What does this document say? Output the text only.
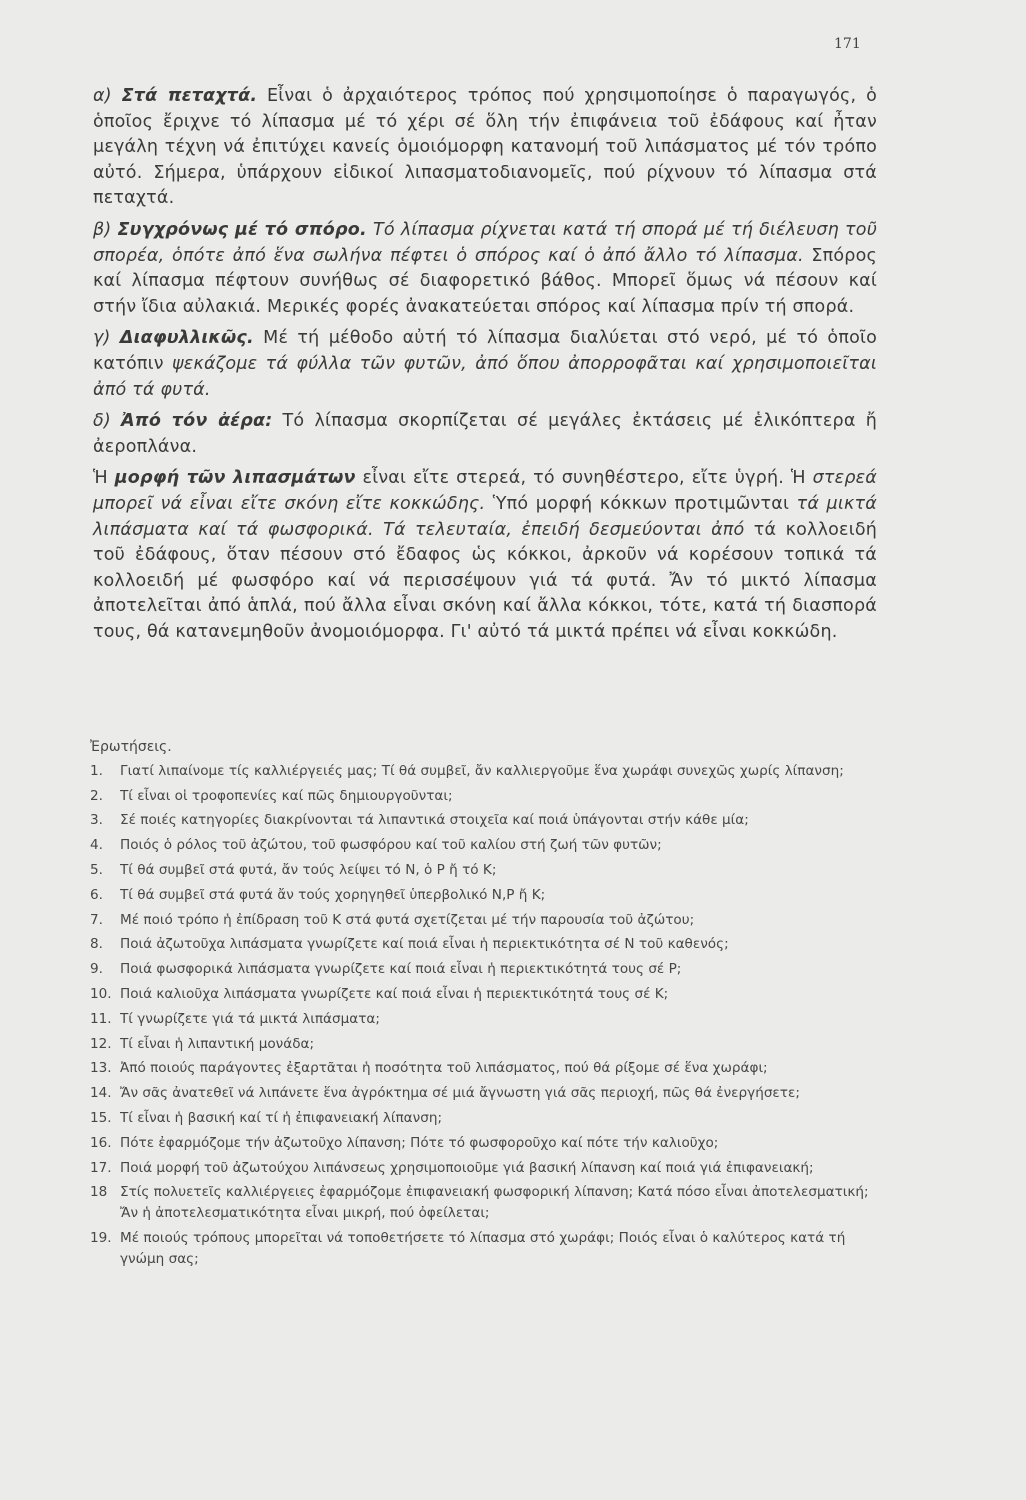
171

α) Στά πεταχτά. Εἶναι ὁ ἀρχαιότερος τρόπος πού χρησιμοποίησε ὁ παραγωγός, ὁ ὁποῖος ἔριχνε τό λίπασμα μέ τό χέρι σέ ὅλη τήν ἐπιφάνεια τοῦ ἐδάφους καί ἦταν μεγάλη τέχνη νά ἐπιτύχει κανείς ὁμοιόμορφη κατανομή τοῦ λιπάσματος μέ τόν τρόπο αὐτό. Σήμερα, ὑπάρχουν εἰδικοί λιπασματοδιανομεῖς, πού ρίχνουν τό λίπασμα στά πεταχτά.

β) Συγχρόνως μέ τό σπόρο. Τό λίπασμα ρίχνεται κατά τή σπορά μέ τή διέλευση τοῦ σπορέα, ὁπότε ἀπό ἕνα σωλήνα πέφτει ὁ σπόρος καί ὁ ἀπό ἄλλο τό λίπασμα. Σπόρος καί λίπασμα πέφτουν συνήθως σέ διαφορετικό βάθος. Μπορεῖ ὅμως νά πέσουν καί στήν ἴδια αὐλακιά. Μερικές φορές ἀνακατεύεται σπόρος καί λίπασμα πρίν τή σπορά.

γ) Διαφυλλικῶς. Μέ τή μέθοδο αὐτή τό λίπασμα διαλύεται στό νερό, μέ τό ὁποῖο κατόπιν ψεκάζομε τά φύλλα τῶν φυτῶν, ἀπό ὅπου ἀπορροφᾶται καί χρησιμοποιεῖται ἀπό τά φυτά.

δ) Ἀπό τόν ἀέρα: Τό λίπασμα σκορπίζεται σέ μεγάλες ἐκτάσεις μέ ἑλικόπτερα ἤ ἀεροπλάνα.

Ἡ μορφή τῶν λιπασμάτων εἶναι εἴτε στερεά, τό συνηθέστερο, εἴτε ὑγρή. Ἡ στερεά μπορεῖ νά εἶναι εἴτε σκόνη εἴτε κοκκώδης. Ὑπό μορφή κόκκων προτιμῶνται τά μικτά λιπάσματα καί τά φωσφορικά. Τά τελευταία, ἐπειδή δεσμεύονται ἀπό τά κολλοειδή τοῦ ἐδάφους, ὅταν πέσουν στό ἔδαφος ὡς κόκκοι, ἀρκοῦν νά κορέσουν τοπικά τά κολλοειδή μέ φωσφόρο καί νά περισσέψουν γιά τά φυτά. Ἄν τό μικτό λίπασμα ἀποτελεῖται ἀπό ἁπλά, πού ἄλλα εἶναι σκόνη καί ἄλλα κόκκοι, τότε, κατά τή διασπορά τους, θά κατανεμηθοῦν ἀνομοιόμορφα. Γι' αὐτό τά μικτά πρέπει νά εἶναι κοκκώδη.

Ἐρωτήσεις.
1.	Γιατί λιπαίνομε τίς καλλιέργειές μας; Τί θά συμβεῖ, ἄν καλλιεργοῦμε ἕνα χωράφι συνεχῶς χωρίς λίπανση;
2.	Τί εἶναι οἱ τροφοπενίες καί πῶς δημιουργοῦνται;
3.	Σέ ποιές κατηγορίες διακρίνονται τά λιπαντικά στοιχεῖα καί ποιά ὑπάγονται στήν κάθε μία;
4.	Ποιός ὁ ρόλος τοῦ ἀζώτου, τοῦ φωσφόρου καί τοῦ καλίου στή ζωή τῶν φυτῶν;
5.	Τί θά συμβεῖ στά φυτά, ἄν τούς λείψει τό Ν, ὁ Ρ ἤ τό Κ;
6.	Τί θά συμβεῖ στά φυτά ἄν τούς χορηγηθεῖ ὑπερβολικό Ν,Ρ ἤ Κ;
7.	Μέ ποιό τρόπο ἡ ἐπίδραση τοῦ Κ στά φυτά σχετίζεται μέ τήν παρουσία τοῦ ἀζώτου;
8.	Ποιά ἀζωτοῦχα λιπάσματα γνωρίζετε καί ποιά εἶναι ἡ περιεκτικότητα σέ Ν τοῦ καθενός;
9.	Ποιά φωσφορικά λιπάσματα γνωρίζετε καί ποιά εἶναι ἡ περιεκτικότητά τους σέ Ρ;
10. Ποιά καλιοῦχα λιπάσματα γνωρίζετε καί ποιά εἶναι ἡ περιεκτικότητά τους σέ Κ;
11. Τί γνωρίζετε γιά τά μικτά λιπάσματα;
12. Τί εἶναι ἡ λιπαντική μονάδα;
13. Ἀπό ποιούς παράγοντες ἐξαρτᾶται ἡ ποσότητα τοῦ λιπάσματος, πού θά ρίξομε σέ ἕνα χωράφι;
14. Ἄν σᾶς ἀνατεθεῖ νά λιπάνετε ἕνα ἀγρόκτημα σέ μιά ἄγνωστη γιά σᾶς περιοχή, πῶς θά ἐνεργήσετε;
15. Τί εἶναι ἡ βασική καί τί ἡ ἐπιφανειακή λίπανση;
16. Πότε ἐφαρμόζομε τήν ἀζωτοῦχο λίπανση; Πότε τό φωσφοροῦχο καί πότε τήν καλιοῦχο;
17. Ποιά μορφή τοῦ ἀζωτούχου λιπάνσεως χρησιμοποιοῦμε γιά βασική λίπανση καί ποιά γιά ἐπιφανειακή;
18 Στίς πολυετεῖς καλλιέργειες ἐφαρμόζομε ἐπιφανειακή φωσφορική λίπανση; Κατά πόσο εἶναι ἀποτελεσματική; Ἄν ἡ ἀποτελεσματικότητα εἶναι μικρή, πού ὀφείλεται;
19. Μέ ποιούς τρόπους μπορεῖται νά τοποθετήσετε τό λίπασμα στό χωράφι; Ποιός εἶναι ὁ καλύτερος κατά τή γνώμη σας;
